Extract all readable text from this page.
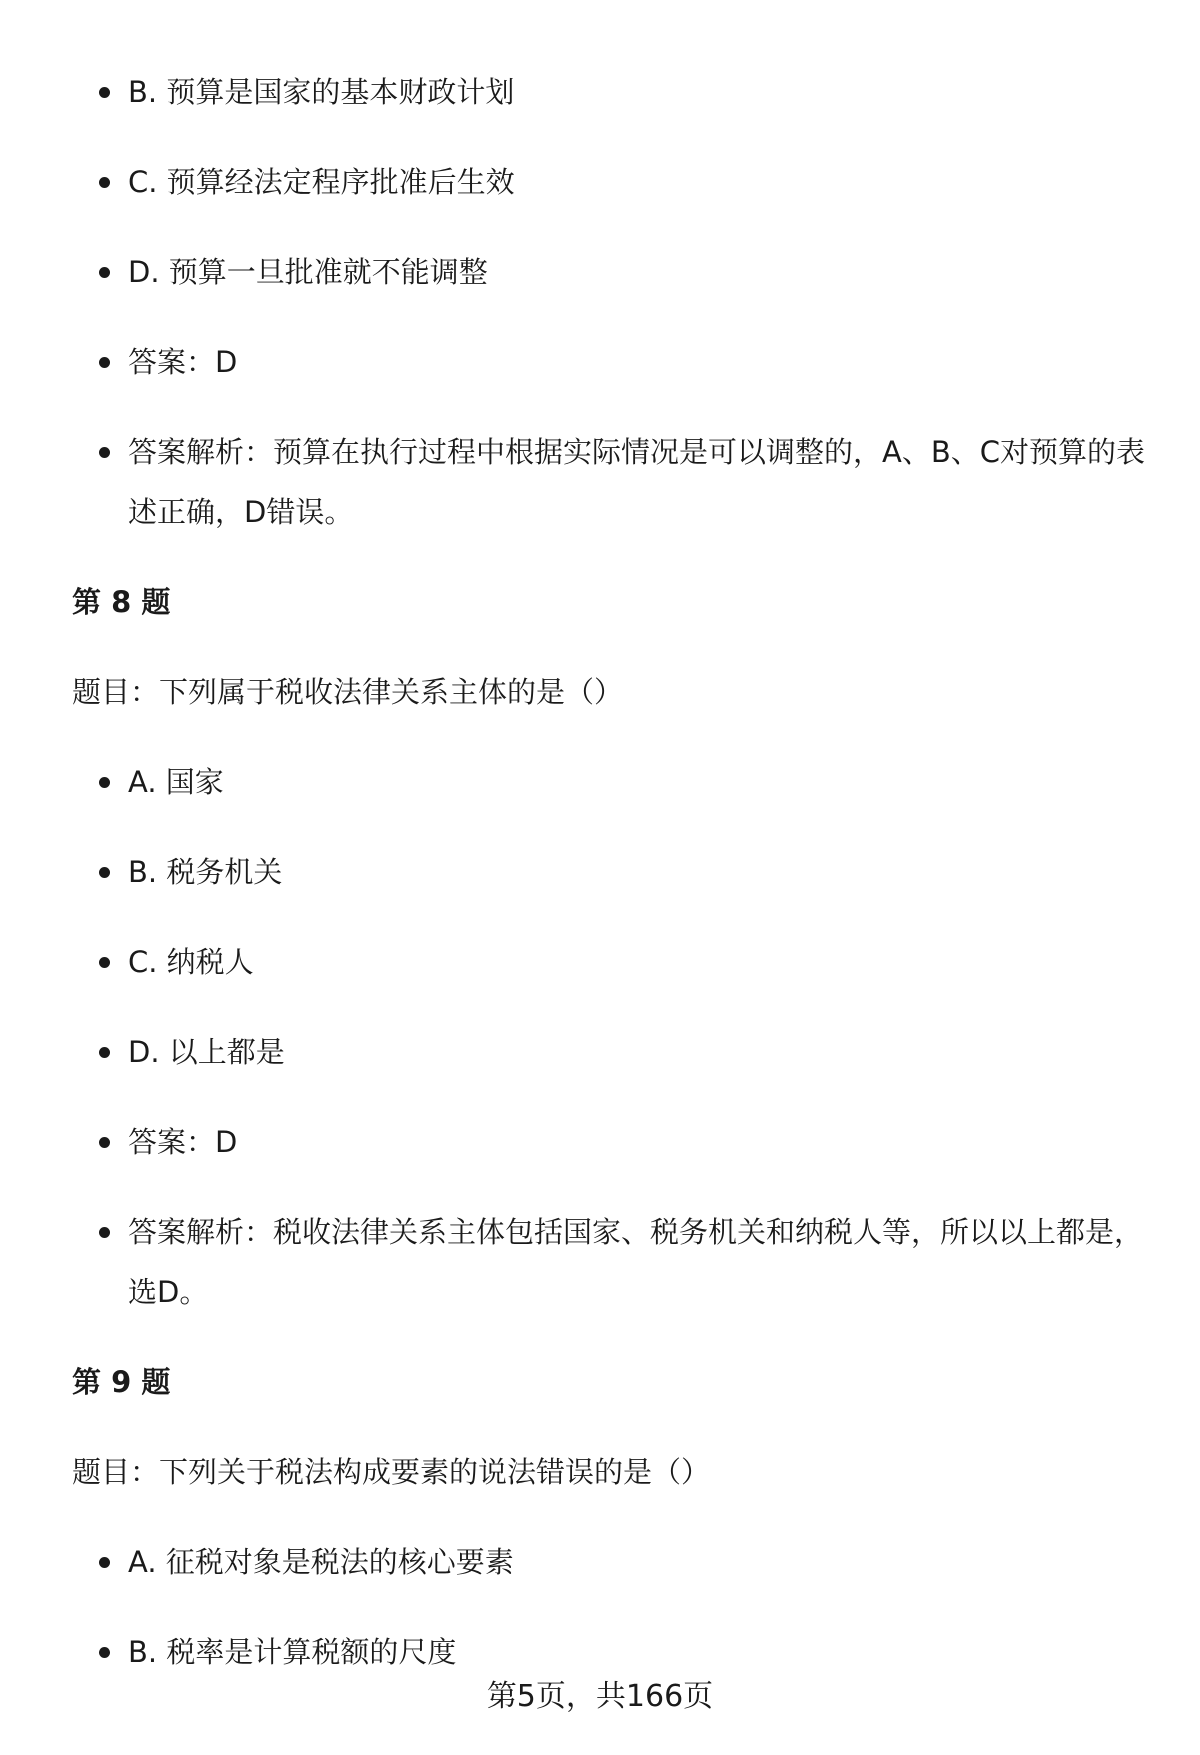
B. 预算是国家的基本财政计划
C. 预算经法定程序批准后生效
D. 预算一旦批准就不能调整
答案：D
答案解析：预算在执行过程中根据实际情况是可以调整的，A、B、C对预算的表述正确，D错误。
第 8 题
题目：下列属于税收法律关系主体的是（）
A. 国家
B. 税务机关
C. 纳税人
D. 以上都是
答案：D
答案解析：税收法律关系主体包括国家、税务机关和纳税人等，所以以上都是，选D。
第 9 题
题目：下列关于税法构成要素的说法错误的是（）
A. 征税对象是税法的核心要素
B. 税率是计算税额的尺度
第5页，共166页
